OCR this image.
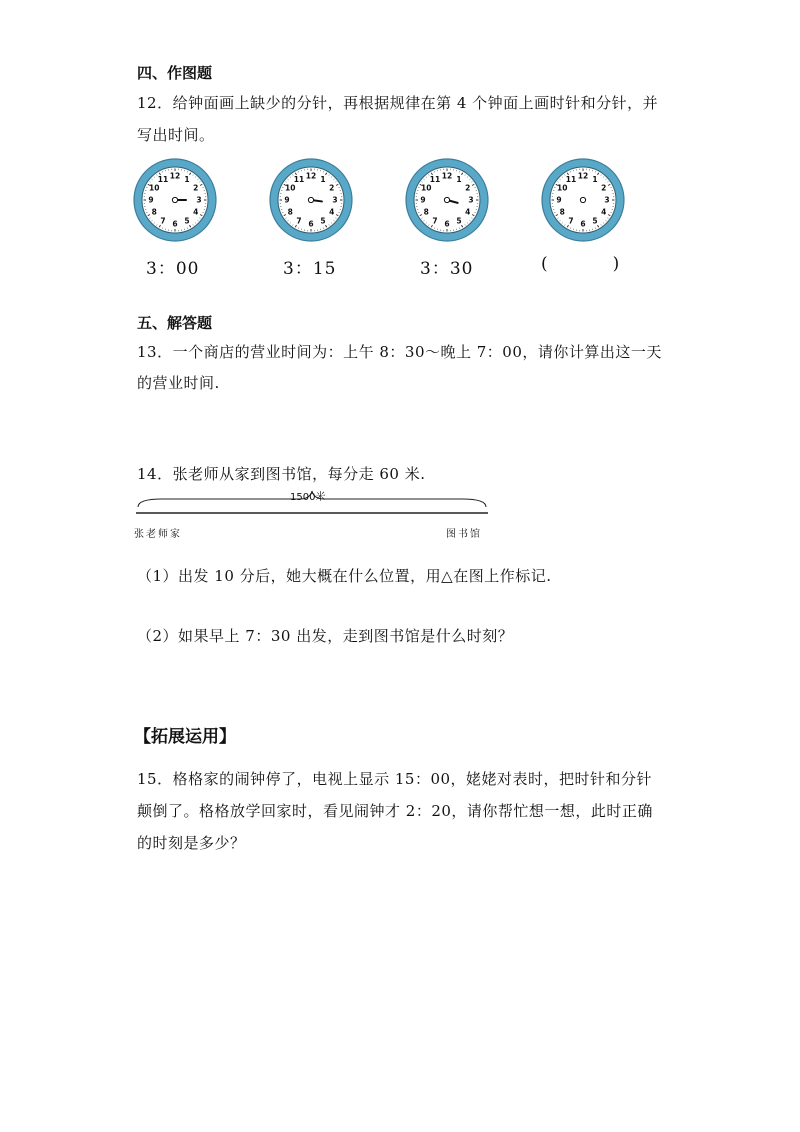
四、作图题
12．给钟面画上缺少的分针，再根据规律在第 4 个钟面上画时针和分针，并
写出时间。
12 1
2
3
4
5
6
7
8
9
10
11	12 1
2
3
4
5
6
7
8
9
10
11	12 1
2
3
4
5
6
7
8
9
10
11	12 1
2
3
4
5
6
7
8
9
10
11
3：00	3：15	3：30	(          )
五、解答题
13．一个商店的营业时间为：上午 8：30～晚上 7：00，请你计算出这一天
的营业时间.
14．张老师从家到图书馆，每分走 60 米.
1500米
张老师家	图书馆
（1）出发 10 分后，她大概在什么位置，用△在图上作标记.
（2）如果早上 7：30 出发，走到图书馆是什么时刻？
【拓展运用】
15．格格家的闹钟停了，电视上显示 15：00，姥姥对表时，把时针和分针
颠倒了。格格放学回家时，看见闹钟才 2：20，请你帮忙想一想，此时正确
的时刻是多少？
